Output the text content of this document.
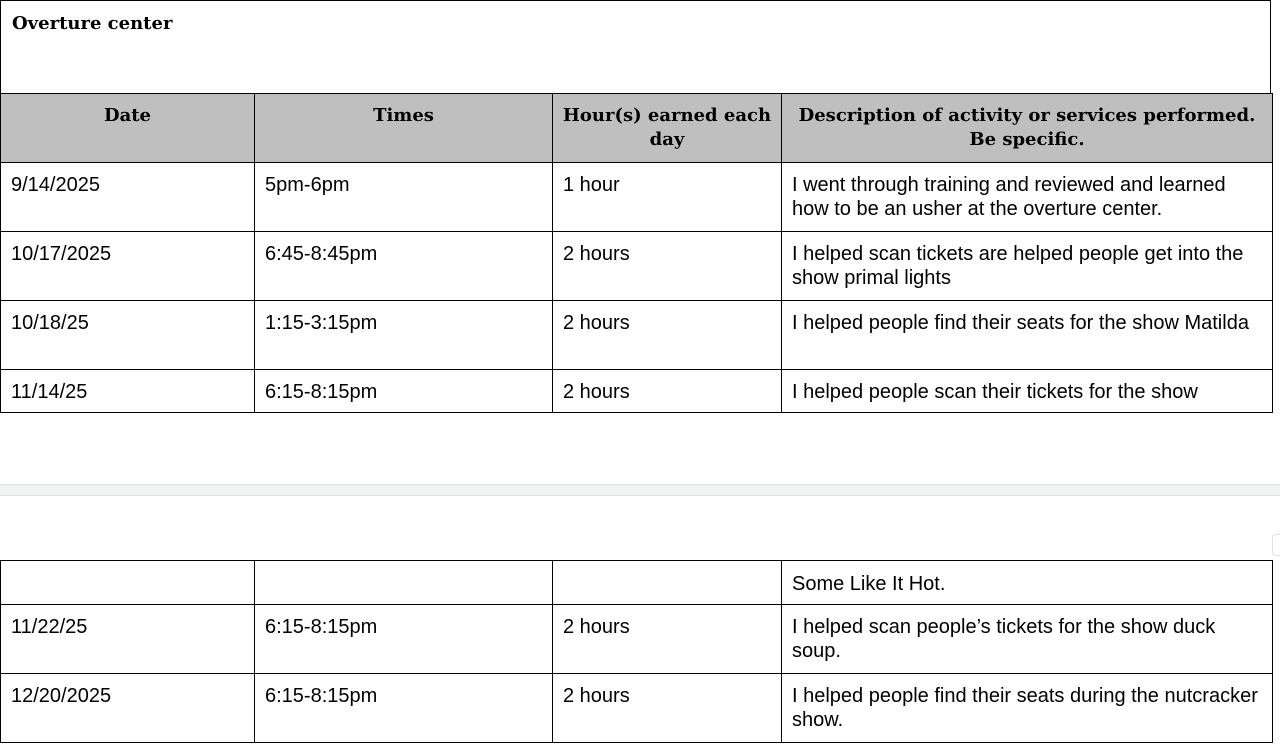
Overture center
Date	Times	Hour(s) earned each day	Description of activity or services performed. Be specific.
9/14/2025	5pm-6pm	1 hour	I went through training and reviewed and learned how to be an usher at the overture center.
10/17/2025	6:45-8:45pm	2 hours	I helped scan tickets are helped people get into the show primal lights
10/18/25	1:15-3:15pm	2 hours	I helped people find their seats for the show Matilda
11/14/25	6:15-8:15pm	2 hours	I helped people scan their tickets for the show
			Some Like It Hot.
11/22/25	6:15-8:15pm	2 hours	I helped scan people’s tickets for the show duck soup.
12/20/2025	6:15-8:15pm	2 hours	I helped people find their seats during the nutcracker show.
